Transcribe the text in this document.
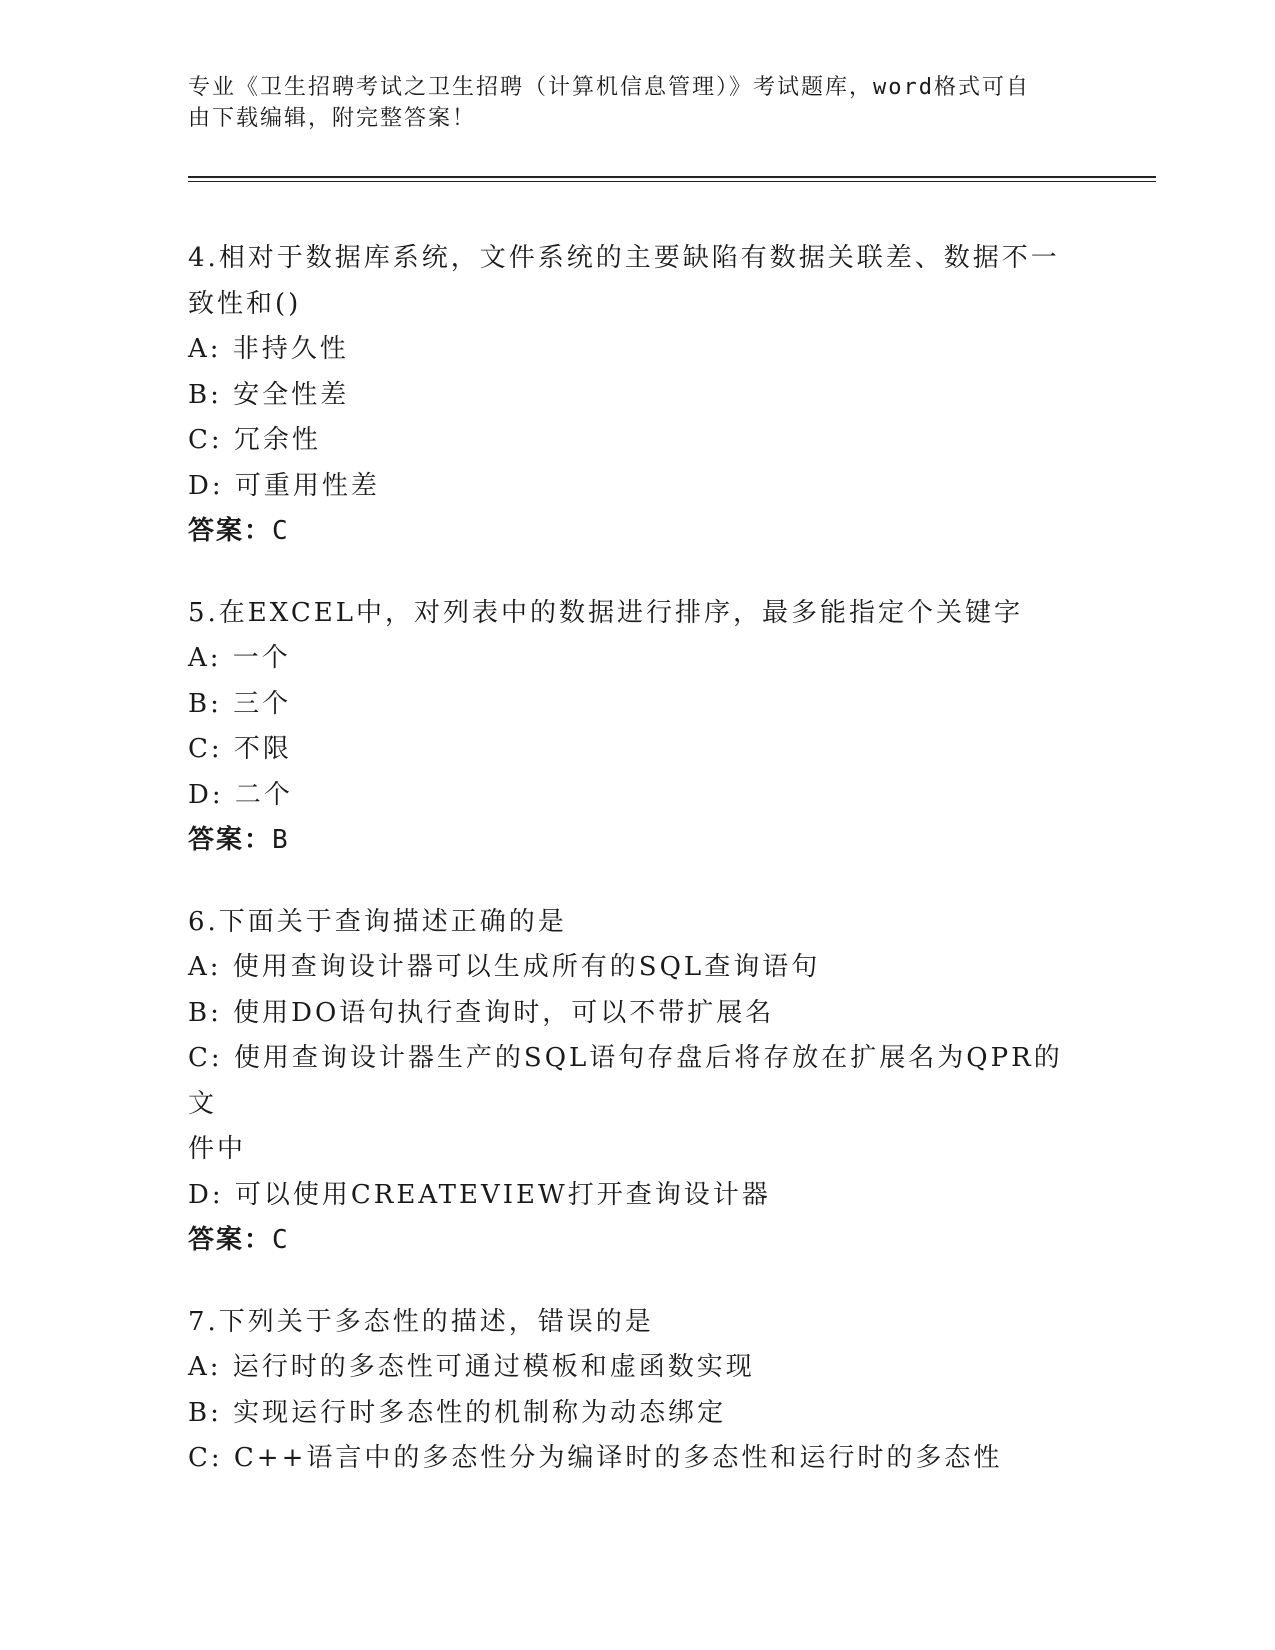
专业《卫生招聘考试之卫生招聘（计算机信息管理）》考试题库，word格式可自
由下载编辑，附完整答案！
4.相对于数据库系统，文件系统的主要缺陷有数据关联差、数据不一
致性和()
A: 非持久性
B: 安全性差
C: 冗余性
D: 可重用性差
答案：C
5.在EXCEL中，对列表中的数据进行排序，最多能指定个关键字
A: 一个
B: 三个
C: 不限
D: 二个
答案：B
6.下面关于查询描述正确的是
A: 使用查询设计器可以生成所有的SQL查询语句
B: 使用DO语句执行查询时，可以不带扩展名
C: 使用查询设计器生产的SQL语句存盘后将存放在扩展名为QPR的文
件中
D: 可以使用CREATEVIEW打开查询设计器
答案：C
7.下列关于多态性的描述，错误的是
A: 运行时的多态性可通过模板和虚函数实现
B: 实现运行时多态性的机制称为动态绑定
C: C++语言中的多态性分为编译时的多态性和运行时的多态性
